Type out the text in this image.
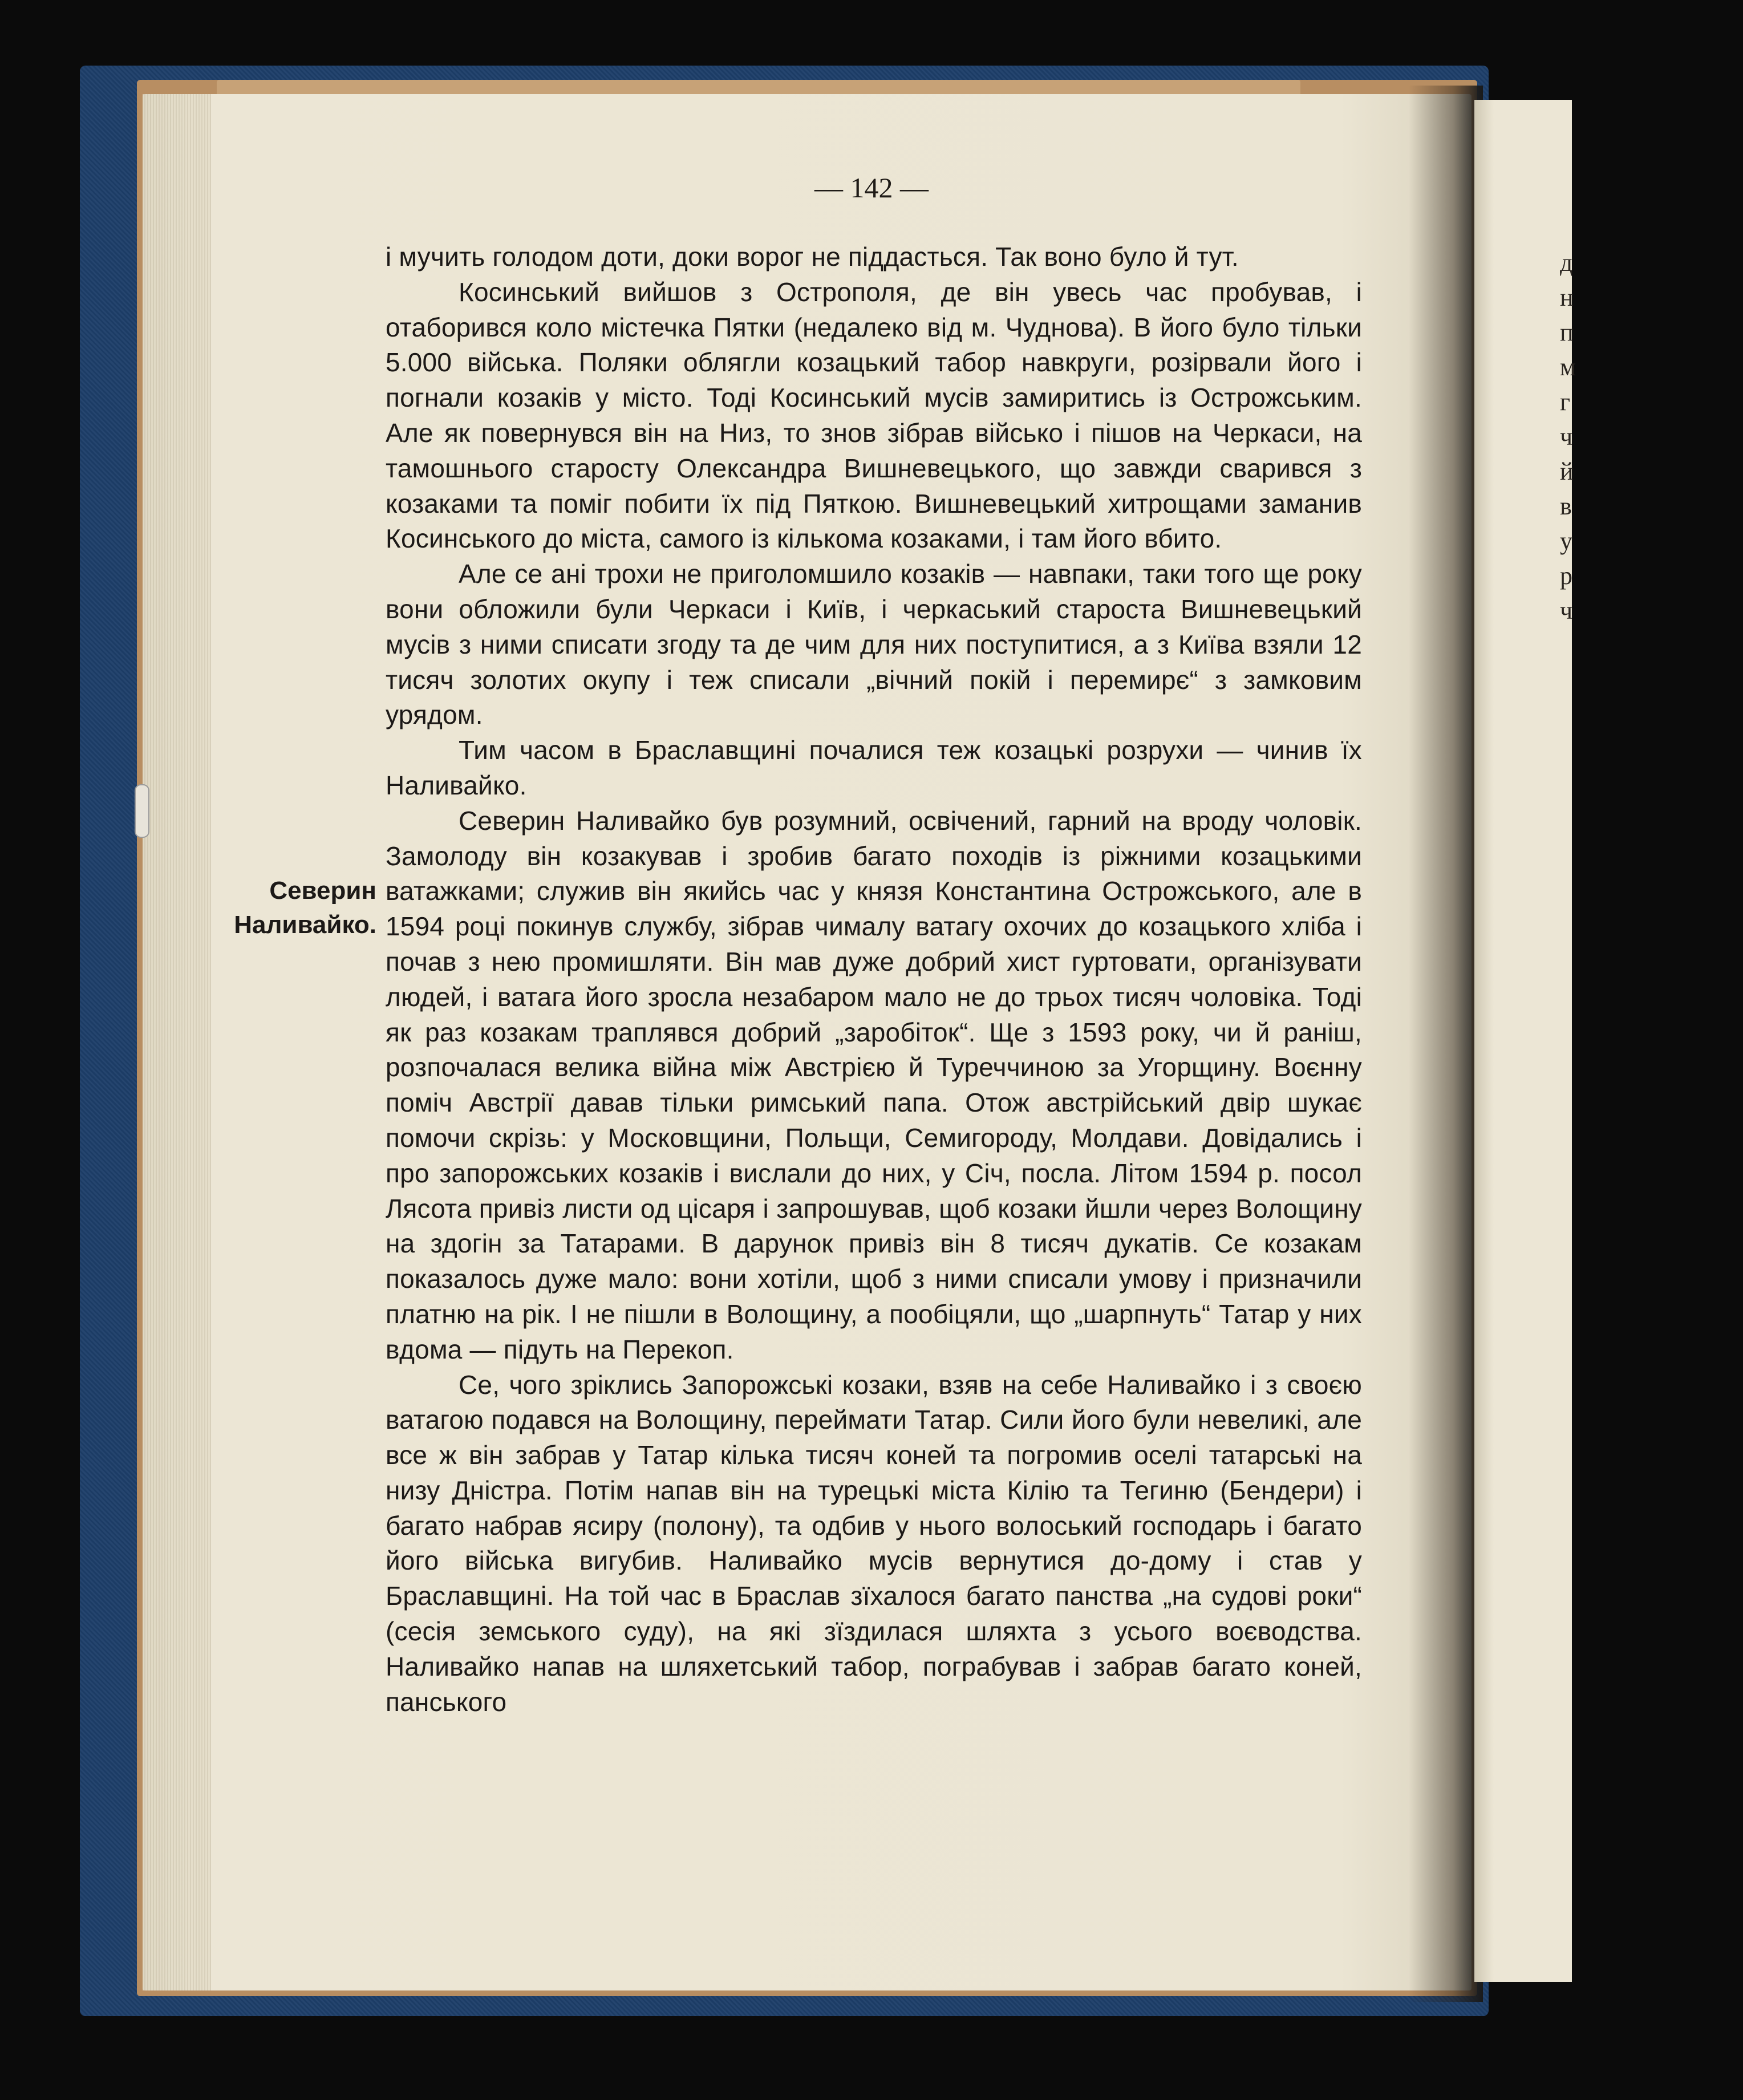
д
н
п
м
г
ч
й
в
у
р
ч
— 142 —
Северин
Наливайко.

і мучить голодом доти, доки ворог не піддасться. Так воно було й тут.

Косинський вийшов з Острополя, де він увесь час пробував, і отаборився коло містечка Пятки (недалеко від м. Чуднова). В його було тільки 5.000 війська. Поляки облягли козацький табор навкруги, розірвали його і погнали козаків у місто. Тоді Косинський мусів замиритись із Острожським. Але як повернувся він на Низ, то знов зібрав військо і пішов на Черкаси, на тамошнього старосту Олександра Вишневецького, що завжди сварився з козаками та поміг побити їх під Пяткою. Вишневецький хитрощами заманив Косинського до міста, самого із кількома козаками, і там його вбито.

Але се ані трохи не приголомшило козаків — навпаки, таки того ще року вони обложили були Черкаси і Київ, і черкаський староста Вишневецький мусів з ними списати згоду та де чим для них поступитися, а з Київа взяли 12 тисяч золотих окупу і теж списали „вічний покій і перемирє“ з замковим урядом.

Тим часом в Браславщині почалися теж козацькі розрухи — чинив їх Наливайко.

Северин Наливайко був розумний, освічений, гарний на вроду чоловік. Замолоду він козакував і зробив багато походів із ріжними козацькими ватажками; служив він якийсь час у князя Константина Острожського, але в 1594 році покинув службу, зібрав чималу ватагу охочих до козацького хліба і почав з нею промишляти. Він мав дуже добрий хист гуртовати, організувати людей, і ватага його зросла незабаром мало не до трьох тисяч чоловіка. Тоді як раз козакам траплявся добрий „заробіток“. Ще з 1593 року, чи й раніш, розпочалася велика війна між Австрією й Туреччиною за Угорщину. Воєнну поміч Австрії давав тільки римський папа. Отож австрійський двір шукає помочи скрізь: у Московщини, Польщи, Семигороду, Молдави. Довідались і про запорожських козаків і вислали до них, у Січ, посла. Літом 1594 р. посол Лясота привіз листи од цісаря і запрошував, щоб козаки йшли через Волощину на здогін за Татарами. В дарунок привіз він 8 тисяч дукатів. Се козакам показалось дуже мало: вони хотіли, щоб з ними списали умову і призначили платню на рік. І не пішли в Волощину, а пообіцяли, що „шарпнуть“ Татар у них вдома — підуть на Перекоп.

Се, чого зріклись Запорожські козаки, взяв на себе Наливайко і з своєю ватагою подався на Волощину, переймати Татар. Сили його були невеликі, але все ж він забрав у Татар кілька тисяч коней та погромив оселі татарські на низу Дністра. Потім напав він на турецькі міста Кілію та Тегиню (Бендери) і багато набрав ясиру (полону), та одбив у нього волоський господарь і багато його війська вигубив. Наливайко мусів вернутися до-дому і став у Браславщині. На той час в Браслав зїхалося багато панства „на судові роки“ (сесія земського суду), на які зїздилася шляхта з усього воєводства. Наливайко напав на шляхетський табор, пограбував і забрав багато коней, панського
